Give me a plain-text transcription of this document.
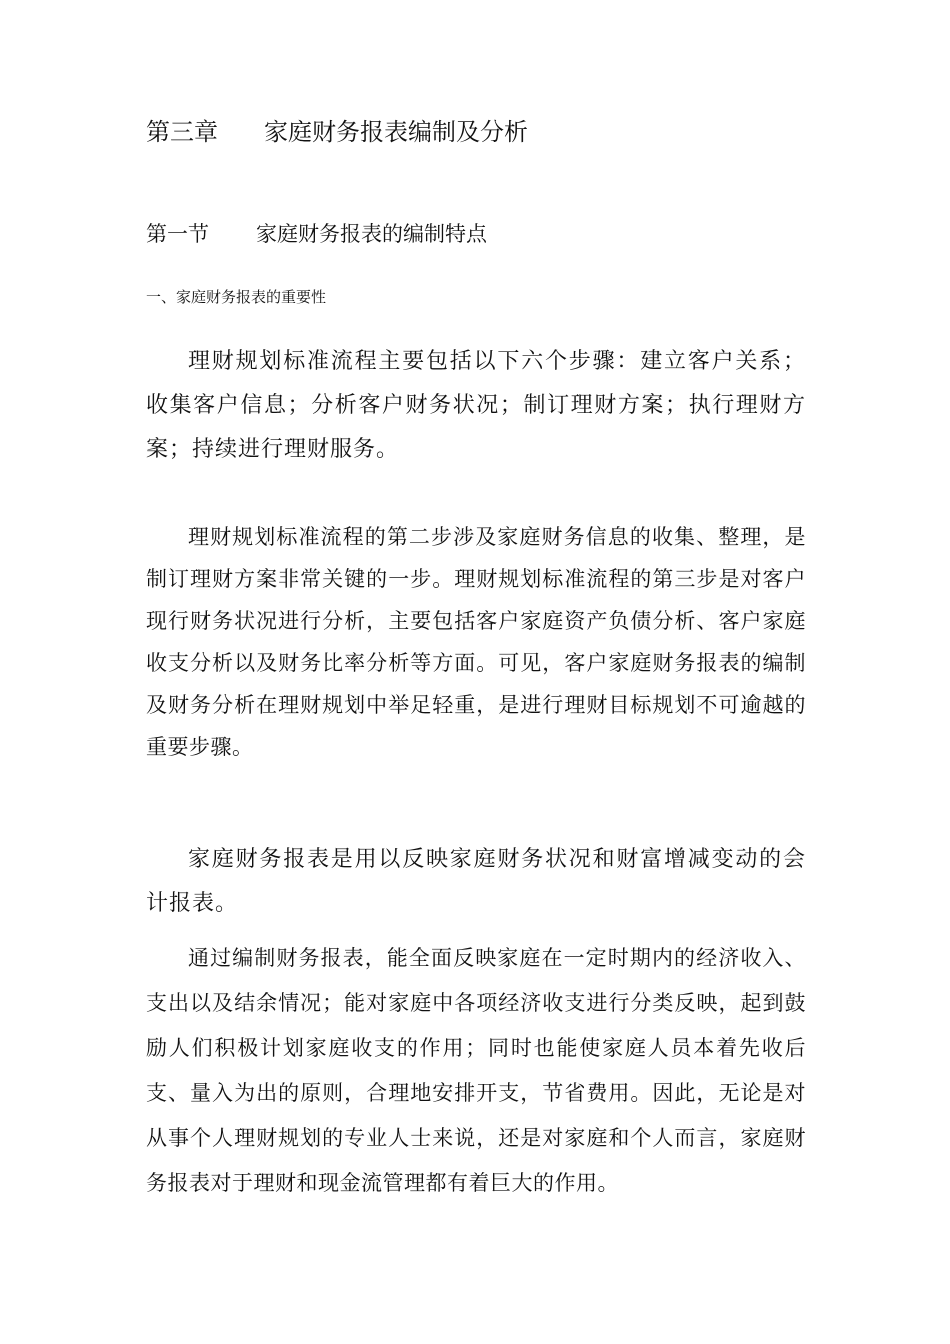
第三章 家庭财务报表编制及分析
第一节 家庭财务报表的编制特点
一、家庭财务报表的重要性

理财规划标准流程主要包括以下六个步骤：建立客户关系；收集客户信息；分析客户财务状况；制订理财方案；执行理财方案；持续进行理财服务。

理财规划标准流程的第二步涉及家庭财务信息的收集、整理，是制订理财方案非常关键的一步。理财规划标准流程的第三步是对客户现行财务状况进行分析，主要包括客户家庭资产负债分析、客户家庭收支分析以及财务比率分析等方面。可见，客户家庭财务报表的编制及财务分析在理财规划中举足轻重，是进行理财目标规划不可逾越的重要步骤。

家庭财务报表是用以反映家庭财务状况和财富增减变动的会计报表。

通过编制财务报表，能全面反映家庭在一定时期内的经济收入、支出以及结余情况；能对家庭中各项经济收支进行分类反映，起到鼓励人们积极计划家庭收支的作用；同时也能使家庭人员本着先收后支、量入为出的原则，合理地安排开支，节省费用。因此，无论是对从事个人理财规划的专业人士来说，还是对家庭和个人而言，家庭财务报表对于理财和现金流管理都有着巨大的作用。
